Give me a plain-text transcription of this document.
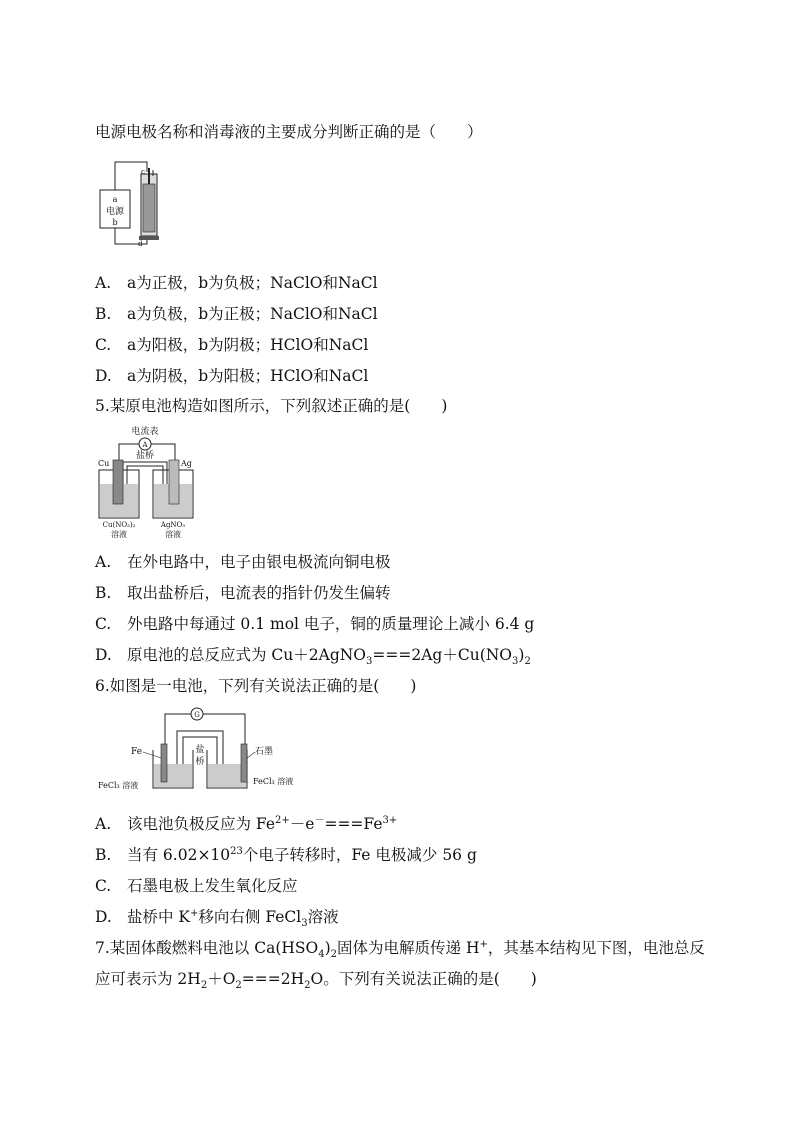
电源电极名称和消毒液的主要成分判断正确的是（　　）
a
电源
b
c
d
A. a为正极，b为负极；NaClO和NaCl
B. a为负极，b为正极；NaClO和NaCl
C. a为阳极，b为阴极；HClO和NaCl
D. a为阴极，b为阳极；HClO和NaCl
5.某原电池构造如图所示，下列叙述正确的是(　　)
电流表
A
盐桥
Cu	Ag
Cu(NO₃)₂
溶液
AgNO₃
溶液
A. 在外电路中，电子由银电极流向铜电极
B. 取出盐桥后，电流表的指针仍发生偏转
C. 外电路中每通过 0.1 mol 电子，铜的质量理论上减小 6.4 g
D. 原电池的总反应式为 $Cu+2AgNO_3===2Ag+Cu(NO_3)_2$
6.如图是一电池，下列有关说法正确的是(　　)
G
盐
桥
Fe	石墨
FeCl₃ 溶液	FeCl₃ 溶液
A. 该电池负极反应为 $Fe^{2+}-e^-===Fe^{3+}$
B. 当有 $6.02\times 10^{23}$个电子转移时，Fe 电极减少 56 g
C. 石墨电极上发生氧化反应
D. 盐桥中 K+移向右侧 FeCl$_3$溶液
7.某固体酸燃料电池以 $Ca(HSO_4)_2$固体为电解质传递 H+，其基本结构见下图，电池总反
应可表示为 $2H_2+O_2===2H_2O$。下列有关说法正确的是(　　)
